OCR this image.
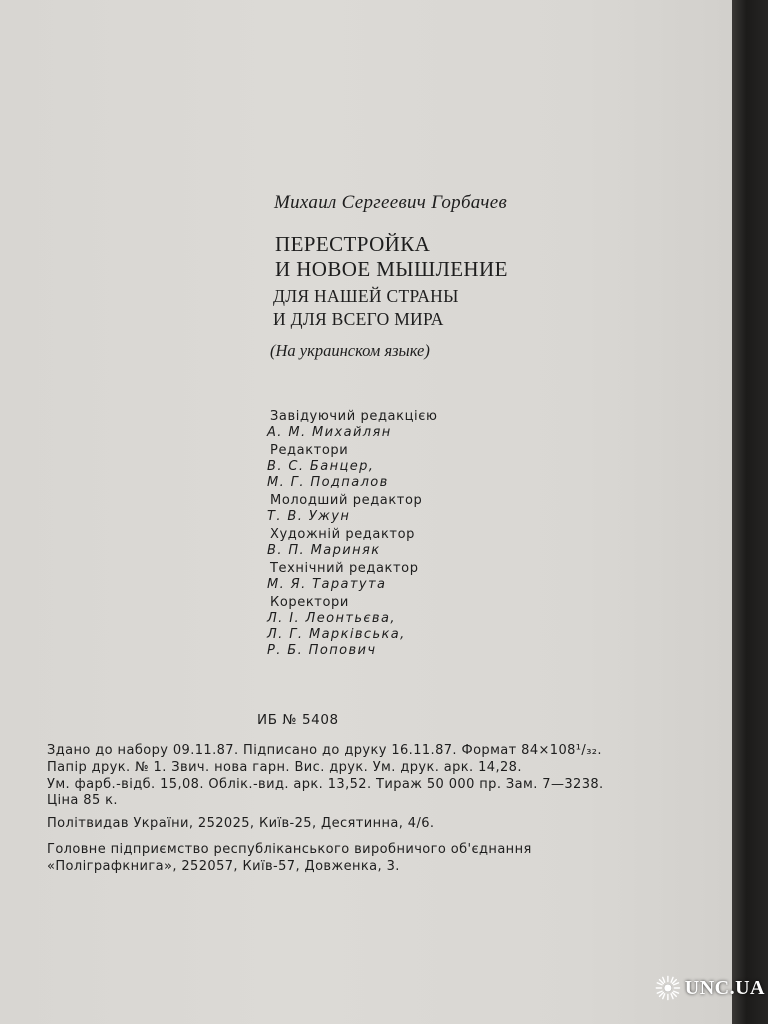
Михаил Сергеевич Горбачев
ПЕРЕСТРОЙКА
И НОВОЕ МЫШЛЕНИЕ
ДЛЯ НАШЕЙ СТРАНЫ
И ДЛЯ ВСЕГО МИРА
(На украинском языке)
Завідуючий редакцією
А. М. Михайлян
Редактори
В. С. Банцер,
М. Г. Подпалов
Молодший редактор
Т. В. Ужун
Художній редактор
В. П. Мариняк
Технічний редактор
М. Я. Таратута
Коректори
Л. І. Леонтьєва,
Л. Г. Марківська,
Р. Б. Попович
ИБ № 5408
Здано до набору 09.11.87. Підписано до друку 16.11.87. Формат 84×108¹/₃₂.
Папір друк. № 1. Звич. нова гарн. Вис. друк. Ум. друк. арк. 14,28.
Ум. фарб.-відб. 15,08. Облік.-вид. арк. 13,52. Тираж 50 000 пр. Зам. 7—3238.
Ціна 85 к.
Політвидав України, 252025, Київ-25, Десятинна, 4/6.
Головне підприємство республіканського виробничого об'єднання
«Поліграфкнига», 252057, Київ-57, Довженка, 3.
UNC.UA
